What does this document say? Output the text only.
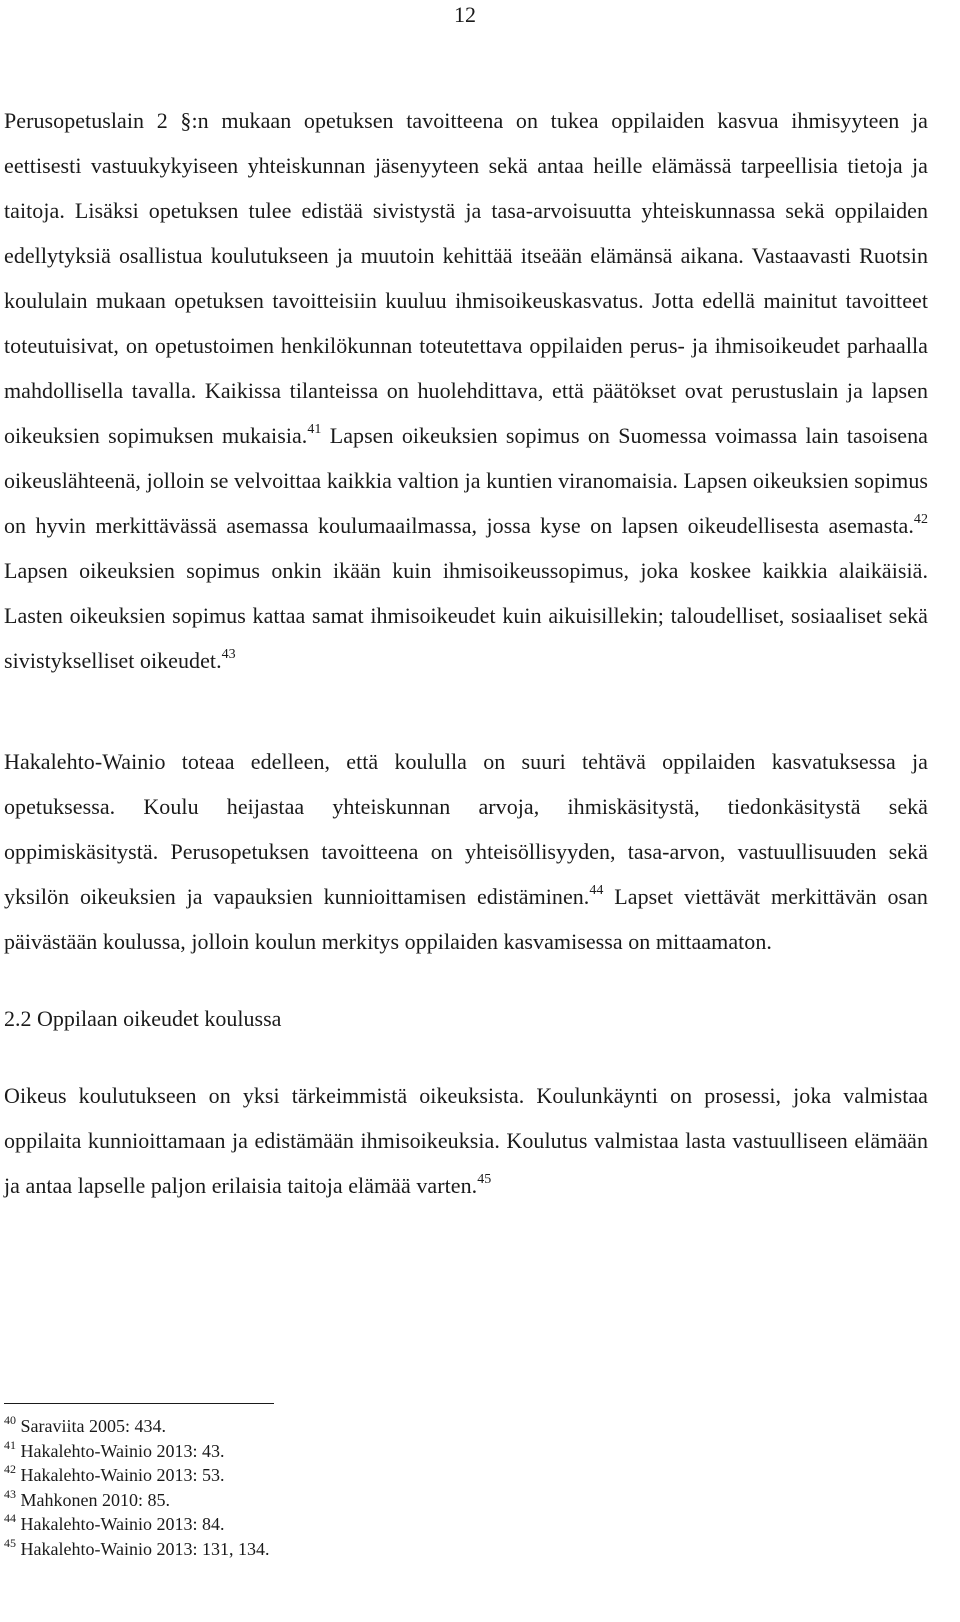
12

Perusopetuslain 2 §:n mukaan opetuksen tavoitteena on tukea oppilaiden kasvua ihmisyyteen ja eettisesti vastuukykyiseen yhteiskunnan jäsenyyteen sekä antaa heille elämässä tarpeellisia tietoja ja taitoja. Lisäksi opetuksen tulee edistää sivistystä ja tasa-arvoisuutta yhteiskunnassa sekä oppilaiden edellytyksiä osallistua koulutukseen ja muutoin kehittää itseään elämänsä aikana. Vastaavasti Ruotsin koululain mukaan opetuksen tavoitteisiin kuuluu ihmisoikeuskasvatus. Jotta edellä mainitut tavoitteet toteutuisivat, on opetustoimen henkilökunnan toteutettava oppilaiden perus- ja ihmisoikeudet parhaalla mahdollisella tavalla. Kaikissa tilanteissa on huolehdittava, että päätökset ovat perustuslain ja lapsen oikeuksien sopimuksen mukaisia.$^{41}$ Lapsen oikeuksien sopimus on Suomessa voimassa lain tasoisena oikeuslähteenä, jolloin se velvoittaa kaikkia valtion ja kuntien viranomaisia. Lapsen oikeuksien sopimus on hyvin merkittävässä asemassa koulumaailmassa, jossa kyse on lapsen oikeudellisesta asemasta.$^{42}$ Lapsen oikeuksien sopimus onkin ikään kuin ihmisoikeussopimus, joka koskee kaikkia alaikäisiä. Lasten oikeuksien sopimus kattaa samat ihmisoikeudet kuin aikuisillekin; taloudelliset, sosiaaliset sekä sivistykselliset oikeudet.$^{43}$

Hakalehto-Wainio toteaa edelleen, että koululla on suuri tehtävä oppilaiden kasvatuksessa ja opetuksessa. Koulu heijastaa yhteiskunnan arvoja, ihmiskäsitystä, tiedonkäsitystä sekä oppimiskäsitystä. Perusopetuksen tavoitteena on yhteisöllisyyden, tasa-arvon, vastuullisuuden sekä yksilön oikeuksien ja vapauksien kunnioittamisen edistäminen.$^{44}$ Lapset viettävät merkittävän osan päivästään koulussa, jolloin koulun merkitys oppilaiden kasvamisessa on mittaamaton.

2.2 Oppilaan oikeudet koulussa

Oikeus koulutukseen on yksi tärkeimmistä oikeuksista. Koulunkäynti on prosessi, joka valmistaa oppilaita kunnioittamaan ja edistämään ihmisoikeuksia. Koulutus valmistaa lasta vastuulliseen elämään ja antaa lapselle paljon erilaisia taitoja elämää varten.$^{45}$

$^{40}$ Saraviita 2005: 434.
$^{41}$ Hakalehto-Wainio 2013: 43.
$^{42}$ Hakalehto-Wainio 2013: 53.
$^{43}$ Mahkonen 2010: 85.
$^{44}$ Hakalehto-Wainio 2013: 84.
$^{45}$ Hakalehto-Wainio 2013: 131, 134.
